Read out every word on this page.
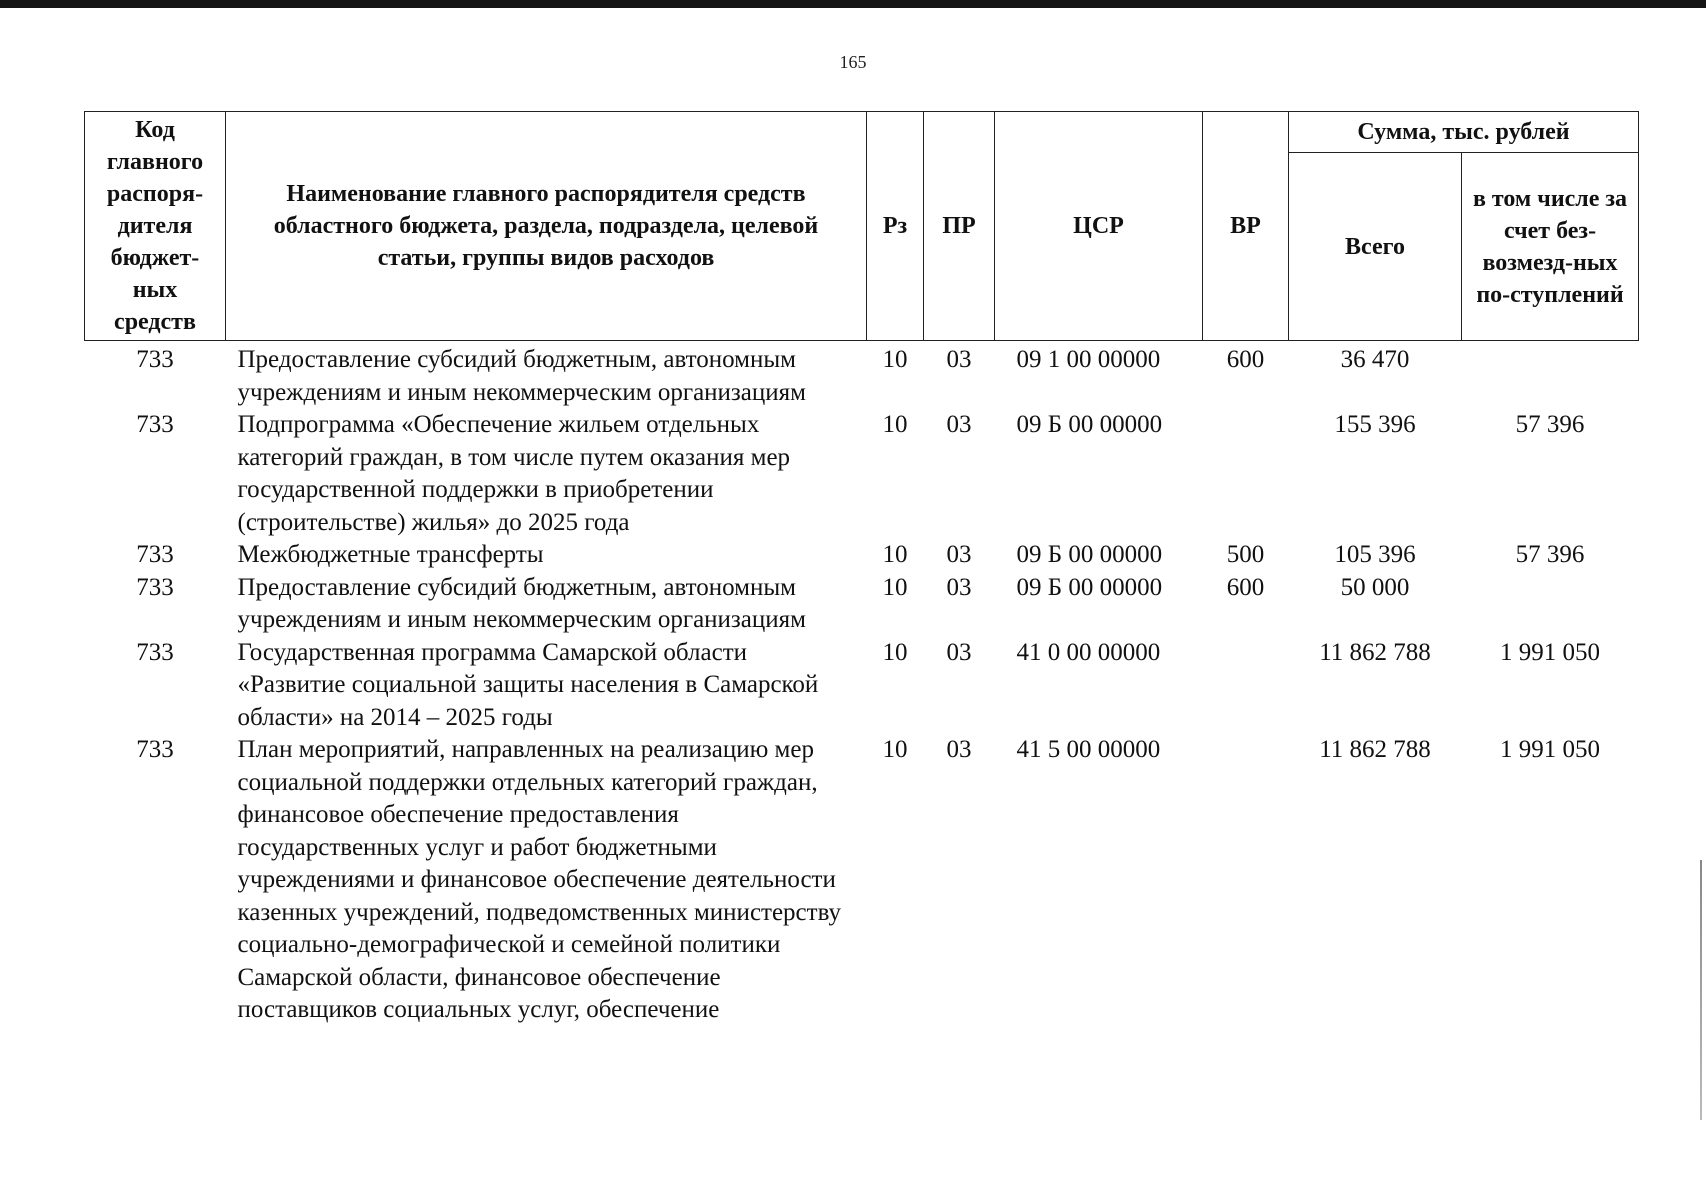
165
Код главного распоря-дителя бюджет-ных средств	Наименование главного распорядителя средств областного бюджета, раздела, подраздела, целевой статьи, группы видов расходов	Рз	ПР	ЦСР	ВР	Сумма, тыс. рублей	
						Всего	в том числе за счет без-возмезд-ных по-ступлений
733	Предоставление субсидий бюджетным, автономным учреждениям и иным некоммерческим организациям	10	03	09 1 00 00000	600	36 470	
733	Подпрограмма «Обеспечение жильем отдельных категорий граждан, в том числе путем оказания мер государственной поддержки в приобретении (строительстве) жилья» до 2025 года	10	03	09 Б 00 00000		155 396	57 396
733	Межбюджетные трансферты	10	03	09 Б 00 00000	500	105 396	57 396
733	Предоставление субсидий бюджетным, автономным учреждениям и иным некоммерческим организациям	10	03	09 Б 00 00000	600	50 000	
733	Государственная программа Самарской области «Развитие социальной защиты населения в Самарской области» на 2014 – 2025 годы	10	03	41 0 00 00000		11 862 788	1 991 050
733	План мероприятий, направленных на реализацию мер социальной поддержки отдельных категорий граждан, финансовое обеспечение предоставления государственных услуг и работ бюджетными учреждениями и финансовое обеспечение деятельности казенных учреждений, подведомственных министерству социально-демографической и семейной политики Самарской области, финансовое обеспечение поставщиков социальных услуг, обеспечение	10	03	41 5 00 00000		11 862 788	1 991 050
